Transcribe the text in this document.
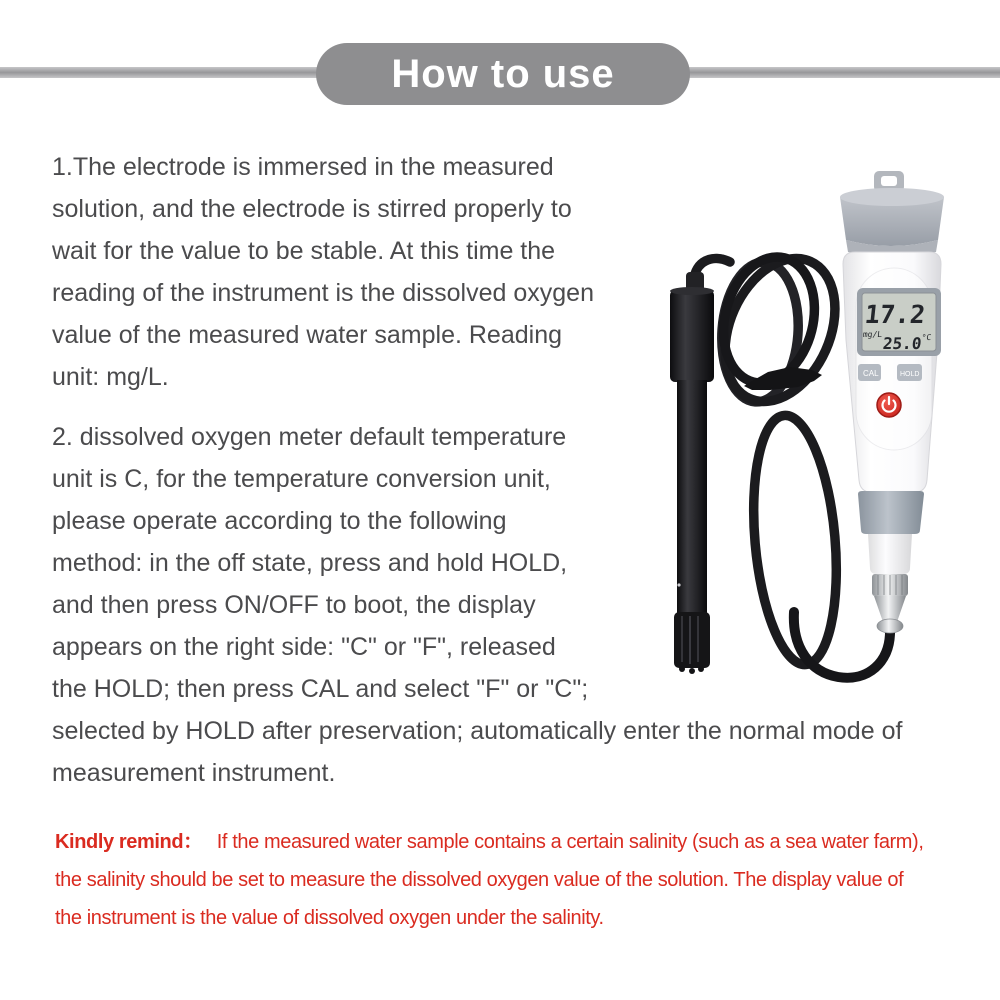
How to use
1.The electrode is immersed in the measured
solution, and the electrode is stirred properly to
wait for the value to be stable. At this time the
reading of the instrument is the dissolved oxygen
value of the measured water sample. Reading
unit: mg/L.
2. dissolved oxygen meter default temperature
unit is C, for the temperature conversion unit,
please operate according to the following
method: in the off state, press and hold HOLD,
and then press ON/OFF to boot, the display
appears on the right side: "C" or "F", released
the HOLD; then press CAL and select "F" or "C";
selected by HOLD after preservation; automatically enter the normal mode of
measurement instrument.
Kindly remind： If the measured water sample contains a certain salinity (such as a sea water farm),
the salinity should be set to measure the dissolved oxygen value of the solution. The display value of
the instrument is the value of dissolved oxygen under the salinity.
17.2
mg/L 25.0
°C
CAL	HOLD
